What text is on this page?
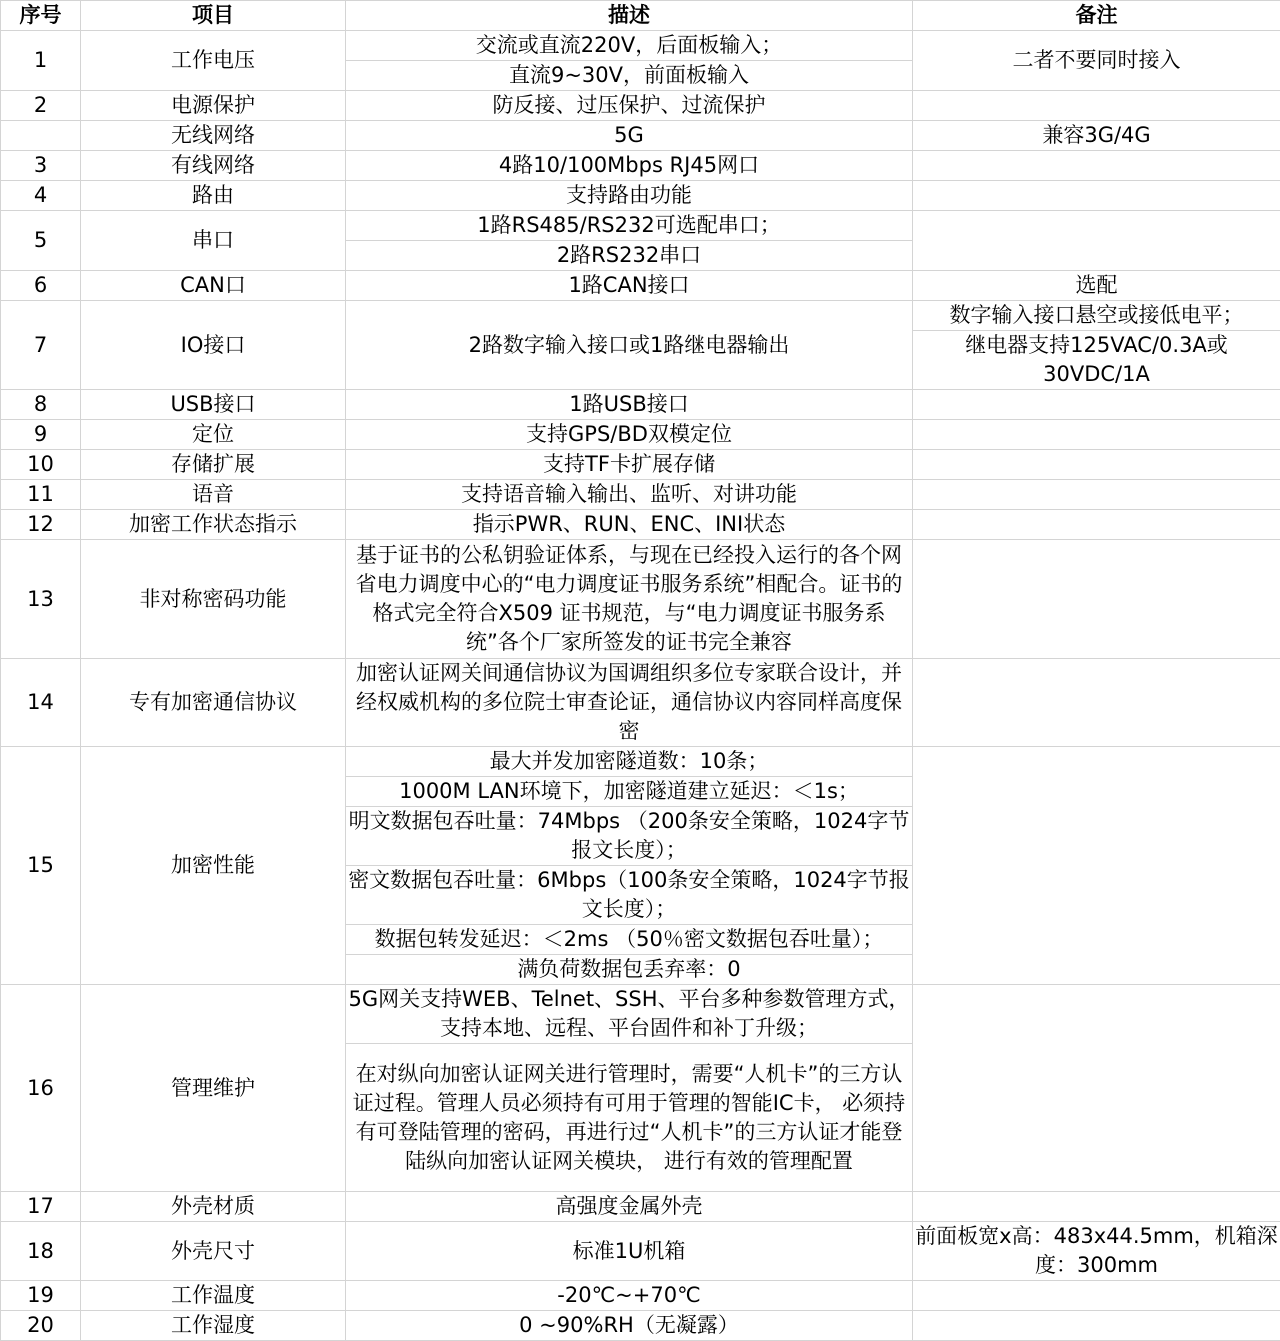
序号	项目	描述	备注
1	工作电压	交流或直流220V，后面板输入；	二者不要同时接入
		直流9~30V，前面板输入	
2	电源保护	防反接、过压保护、过流保护	
	无线网络	5G	兼容3G/4G
3	有线网络	4路10/100Mbps RJ45网口	
4	路由	支持路由功能	
5	串口	1路RS485/RS232可选配串口；	
		2路RS232串口	
6	CAN口	1路CAN接口	选配
7	IO接口	2路数字输入接口或1路继电器输出	数字输入接口悬空或接低电平；
			继电器支持125VAC/0.3A或30VDC/1A
8	USB接口	1路USB接口	
9	定位	支持GPS/BD双模定位	
10	存储扩展	支持TF卡扩展存储	
11	语音	支持语音输入输出、监听、对讲功能	
12	加密工作状态指示	指示PWR、RUN、ENC、INI状态	
13	非对称密码功能	基于证书的公私钥验证体系，与现在已经投入运行的各个网省电力调度中心的“电力调度证书服务系统”相配合。证书的格式完全符合X509 证书规范，与“电力调度证书服务系统”各个厂家所签发的证书完全兼容	
14	专有加密通信协议	加密认证网关间通信协议为国调组织多位专家联合设计，并经权威机构的多位院士审查论证，通信协议内容同样高度保密	
15	加密性能	最大并发加密隧道数：10条；	
		1000M LAN环境下，加密隧道建立延迟：＜1s；	
		明文数据包吞吐量：74Mbps （200条安全策略，1024字节报文长度）；	
		密文数据包吞吐量：6Mbps（100条安全策略，1024字节报文长度）；	
		数据包转发延迟：＜2ms （50％密文数据包吞吐量）；	
		满负荷数据包丢弃率：0	
16	管理维护	5G网关支持WEB、Telnet、SSH、平台多种参数管理方式，支持本地、远程、平台固件和补丁升级；	
		在对纵向加密认证网关进行管理时，需要“人机卡”的三方认证过程。管理人员必须持有可用于管理的智能IC卡， 必须持有可登陆管理的密码，再进行过“人机卡”的三方认证才能登陆纵向加密认证网关模块， 进行有效的管理配置	
17	外壳材质	高强度金属外壳	
18	外壳尺寸	标准1U机箱	前面板宽x高：483x44.5mm，机箱深度：300mm
19	工作温度	-20℃~+70℃	
20	工作湿度	0 ~90%RH（无凝露）	
